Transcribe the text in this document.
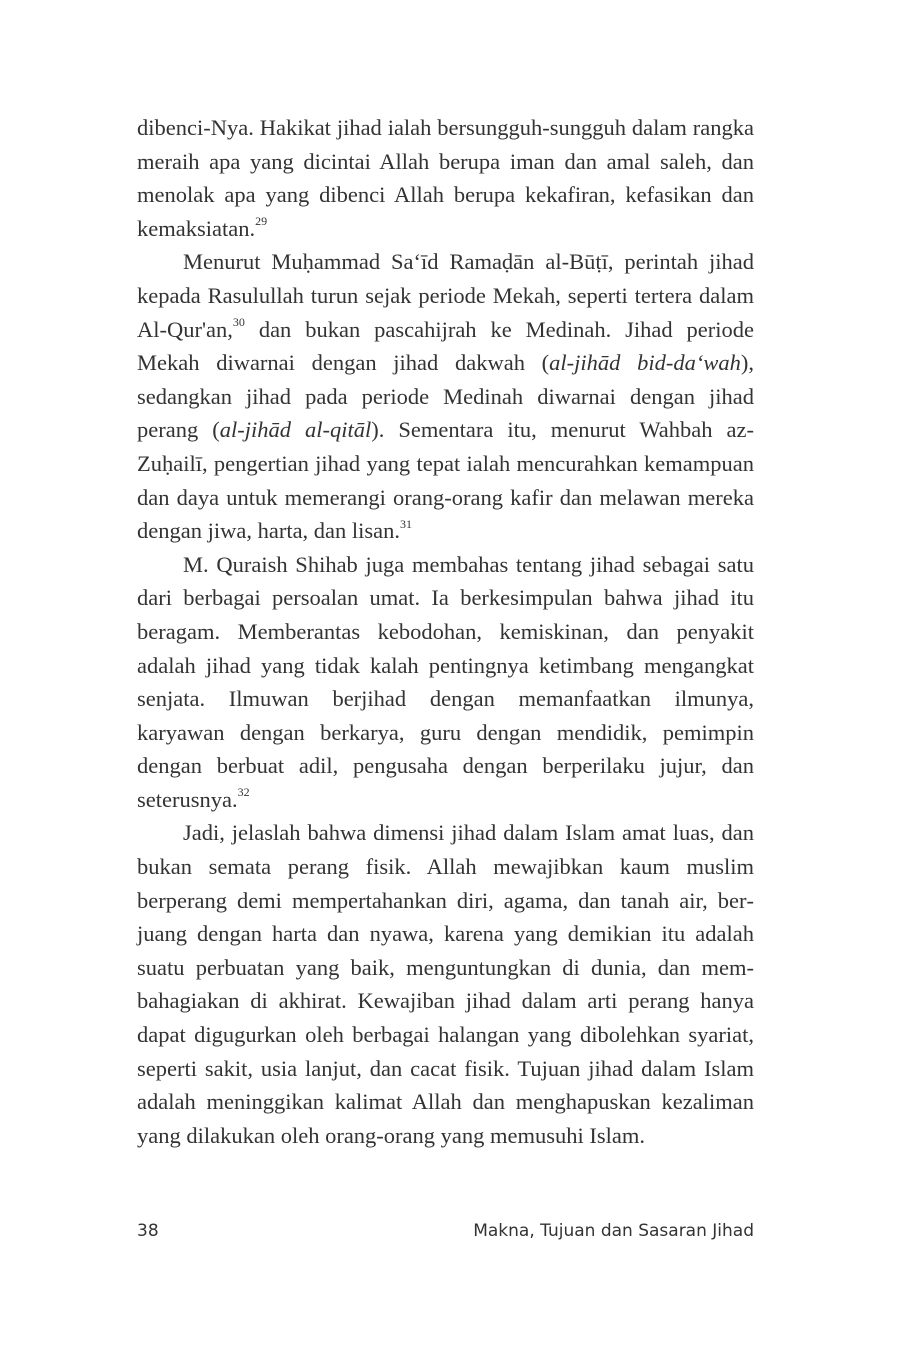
dibenci-Nya. Hakikat jihad ialah bersungguh-sungguh dalam rangka meraih apa yang dicintai Allah berupa iman dan amal saleh, dan menolak apa yang dibenci Allah berupa kekafiran, kefasikan dan kemaksiatan.$^{29}$

Menurut Muḥammad Sa‘īd Ramaḍān al-Būṭī, perintah jihad kepada Rasulullah turun sejak periode Mekah, seperti tertera dalam Al-Qur'an,$^{30}$ dan bukan pascahijrah ke Medinah. Jihad periode Mekah diwarnai dengan jihad dakwah (al-jihād bid-da‘wah), sedangkan jihad pada periode Medinah diwarnai dengan jihad perang (al-jihād al-qitāl). Sementara itu, menurut Wahbah az-Zuḥailī, pengertian jihad yang tepat ialah mencurahkan kemampuan dan daya untuk memerangi orang-orang kafir dan melawan mereka dengan jiwa, harta, dan lisan.$^{31}$

M. Quraish Shihab juga membahas tentang jihad sebagai satu dari berbagai persoalan umat. Ia berkesimpulan bahwa jihad itu beragam. Memberantas kebodohan, kemiskinan, dan penyakit adalah jihad yang tidak kalah pentingnya ketimbang mengangkat senjata. Ilmuwan berjihad dengan memanfaatkan ilmunya, karyawan dengan berkarya, guru dengan mendidik, pemimpin dengan berbuat adil, pengusaha dengan berperilaku jujur, dan seterusnya.$^{32}$

Jadi, jelaslah bahwa dimensi jihad dalam Islam amat luas, dan bukan semata perang fisik. Allah mewajibkan kaum muslim berperang demi mempertahankan diri, agama, dan tanah air, berjuang dengan harta dan nyawa, karena yang demikian itu adalah suatu perbuatan yang baik, menguntungkan di dunia, dan membahagiakan di akhirat. Kewajiban jihad dalam arti perang hanya dapat digugurkan oleh berbagai halangan yang dibolehkan syariat, seperti sakit, usia lanjut, dan cacat fisik. Tujuan jihad dalam Islam adalah meninggikan kalimat Allah dan menghapuskan kezaliman yang dilakukan oleh orang-orang yang memusuhi Islam.

38	Makna, Tujuan dan Sasaran Jihad
